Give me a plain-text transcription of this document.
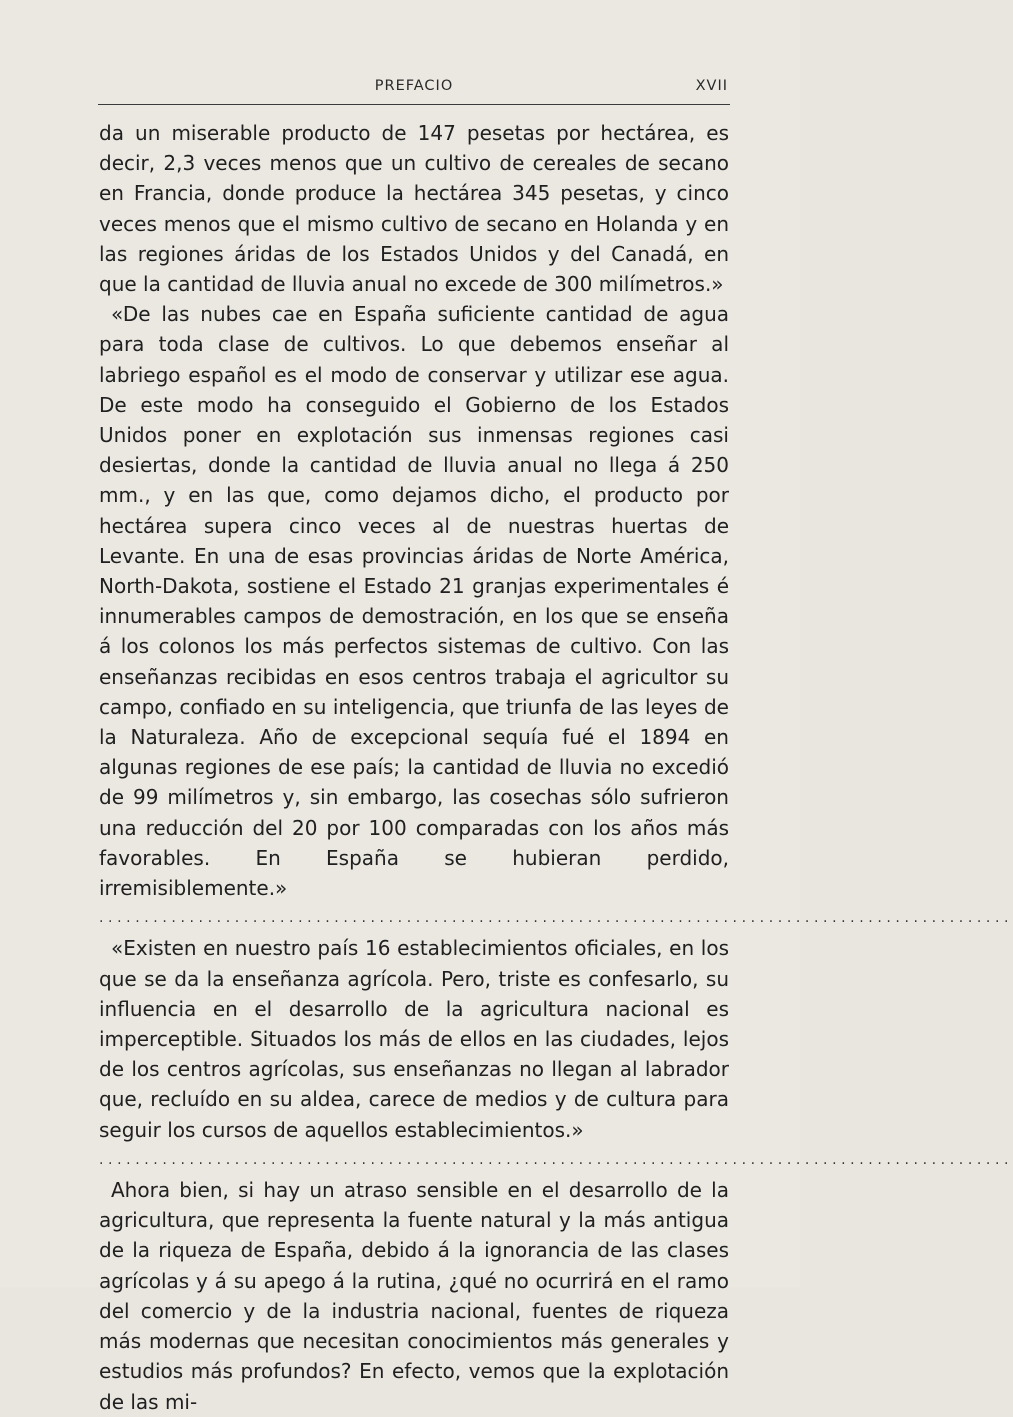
PREFACIO	XVII

da un miserable producto de 147 pesetas por hectárea, es decir, 2,3 veces menos que un cultivo de cereales de secano en Francia, donde produce la hectárea 345 pesetas, y cinco veces menos que el mismo cultivo de secano en Holanda y en las regiones áridas de los Estados Unidos y del Canadá, en que la cantidad de lluvia anual no excede de 300 milímetros.»

«De las nubes cae en España suficiente cantidad de agua para toda clase de cultivos. Lo que debemos enseñar al labriego español es el modo de conservar y utilizar ese agua. De este modo ha conseguido el Gobierno de los Estados Unidos poner en explotación sus inmensas regiones casi desiertas, donde la cantidad de lluvia anual no llega á 250 mm., y en las que, como dejamos dicho, el producto por hectárea supera cinco veces al de nuestras huertas de Levante. En una de esas provincias áridas de Norte América, North-Dakota, sostiene el Estado 21 granjas experimentales é innumerables campos de demostración, en los que se enseña á los colonos los más perfectos sistemas de cultivo. Con las enseñanzas recibidas en esos centros trabaja el agricultor su campo, confiado en su inteligencia, que triunfa de las leyes de la Naturaleza. Año de excepcional sequía fué el 1894 en algunas regiones de ese país; la cantidad de lluvia no excedió de 99 milímetros y, sin embargo, las cosechas sólo sufrieron una reducción del 20 por 100 comparadas con los años más favorables. En España se hubieran perdido, irremisiblemente.»

.....................................................................................................

«Existen en nuestro país 16 establecimientos oficiales, en los que se da la enseñanza agrícola. Pero, triste es confesarlo, su influencia en el desarrollo de la agricultura nacional es imperceptible. Situados los más de ellos en las ciudades, lejos de los centros agrícolas, sus enseñanzas no llegan al labrador que, recluído en su aldea, carece de medios y de cultura para seguir los cursos de aquellos establecimientos.»

.....................................................................................................

Ahora bien, si hay un atraso sensible en el desarrollo de la agricultura, que representa la fuente natural y la más antigua de la riqueza de España, debido á la ignorancia de las clases agrícolas y á su apego á la rutina, ¿qué no ocurrirá en el ramo del comercio y de la industria nacional, fuentes de riqueza más modernas que necesitan conocimientos más generales y estudios más profundos? En efecto, vemos que la explotación de las mi-
